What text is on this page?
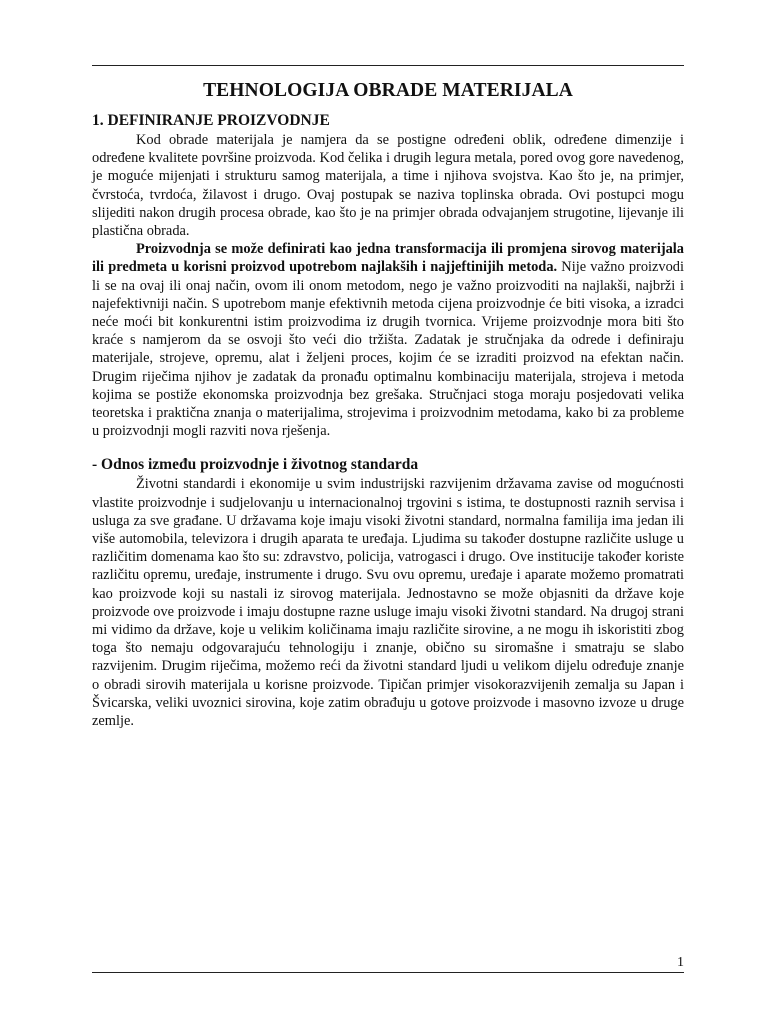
TEHNOLOGIJA OBRADE MATERIJALA
1. DEFINIRANJE PROIZVODNJE

Kod obrade materijala je namjera da se postigne određeni oblik, određene dimenzije i određene kvalitete površine proizvoda. Kod čelika i drugih legura metala, pored ovog gore navedenog, je moguće mijenjati i strukturu samog materijala, a time i njihova svojstva. Kao što je, na primjer, čvrstoća, tvrdoća, žilavost i drugo. Ovaj postupak se naziva toplinska obrada. Ovi postupci mogu slijediti nakon drugih procesa obrade, kao što je na primjer obrada odvajanjem strugotine, lijevanje ili plastična obrada.

Proizvodnja se može definirati kao jedna transformacija ili promjena sirovog materijala ili predmeta u korisni proizvod upotrebom najlakših i najjeftinijih metoda. Nije važno proizvodi li se na ovaj ili onaj način, ovom ili onom metodom, nego je važno proizvoditi na najlakši, najbrži i najefektivniji način. S upotrebom manje efektivnih metoda cijena proizvodnje će biti visoka, a izradci neće moći bit konkurentni istim proizvodima iz drugih tvornica. Vrijeme proizvodnje mora biti što kraće s namjerom da se osvoji što veći dio tržišta. Zadatak je stručnjaka da odrede i definiraju materijale, strojeve, opremu, alat i željeni proces, kojim će se izraditi proizvod na efektan način. Drugim riječima njihov je zadatak da pronađu optimalnu kombinaciju materijala, strojeva i metoda kojima se postiže ekonomska proizvodnja bez grešaka. Stručnjaci stoga moraju posjedovati velika teoretska i praktična znanja o materijalima, strojevima i proizvodnim metodama, kako bi za probleme u proizvodnji mogli razviti nova rješenja.

- Odnos između proizvodnje i životnog standarda

Životni standardi i ekonomije u svim industrijski razvijenim državama zavise od mogućnosti vlastite proizvodnje i sudjelovanju u internacionalnoj trgovini s istima, te dostupnosti raznih servisa i usluga za sve građane. U državama koje imaju visoki životni standard, normalna familija ima jedan ili više automobila, televizora i drugih aparata te uređaja. Ljudima su također dostupne različite usluge u različitim domenama kao što su: zdravstvo, policija, vatrogasci i drugo. Ove institucije također koriste različitu opremu, uređaje, instrumente i drugo. Svu ovu opremu, uređaje i aparate možemo promatrati kao proizvode koji su nastali iz sirovog materijala. Jednostavno se može objasniti da države koje proizvode ove proizvode i imaju dostupne razne usluge imaju visoki životni standard. Na drugoj strani mi vidimo da države, koje u velikim količinama imaju različite sirovine, a ne mogu ih iskoristiti zbog toga što nemaju odgovarajuću tehnologiju i znanje, obično su siromašne i smatraju se slabo razvijenim. Drugim riječima, možemo reći da životni standard ljudi u velikom dijelu određuje znanje o obradi sirovih materijala u korisne proizvode. Tipičan primjer visokorazvijenih zemalja su Japan i Švicarska, veliki uvoznici sirovina, koje zatim obrađuju u gotove proizvode i masovno izvoze u druge zemlje.

1
